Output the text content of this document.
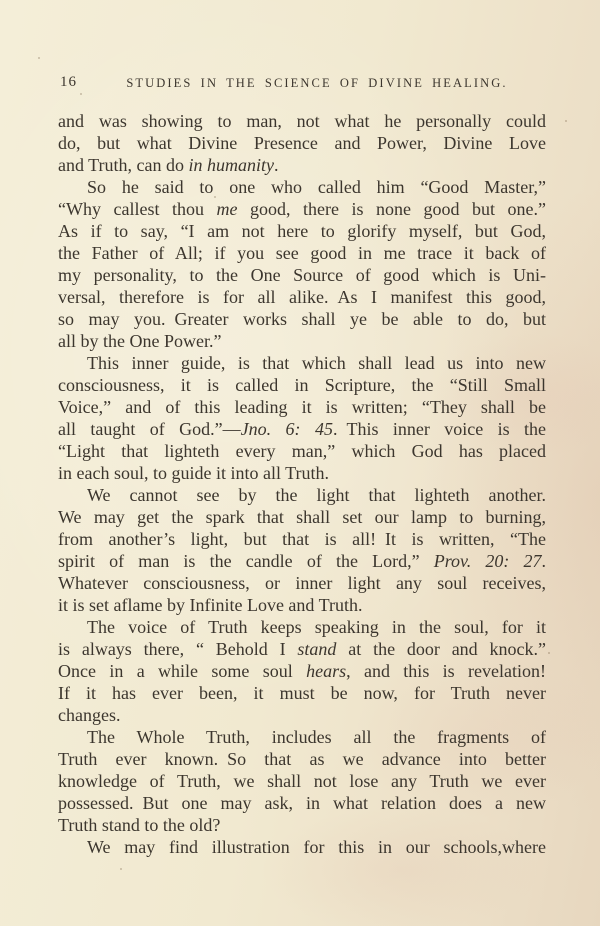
16	STUDIES IN THE SCIENCE OF DIVINE HEALING.
and was showing to man, not what he personally could
do, but what Divine Presence and Power, Divine Love
and Truth, can do in humanity.
So he said to one who called him “Good Master,”
“Why callest thou me good, there is none good but one.”
As if to say, “I am not here to glorify myself, but God,
the Father of All; if you see good in me trace it back of
my personality, to the One Source of good which is Uni-
versal, therefore is for all alike. As I manifest this good,
so may you. Greater works shall ye be able to do, but
all by the One Power.”
This inner guide, is that which shall lead us into new
consciousness, it is called in Scripture, the “Still Small
Voice,” and of this leading it is written; “They shall be
all taught of God.”—Jno. 6: 45. This inner voice is the
“Light that lighteth every man,” which God has placed
in each soul, to guide it into all Truth.
We cannot see by the light that lighteth another.
We may get the spark that shall set our lamp to burning,
from another’s light, but that is all! It is written, “The
spirit of man is the candle of the Lord,” Prov. 20: 27.
Whatever consciousness, or inner light any soul receives,
it is set aflame by Infinite Love and Truth.
The voice of Truth keeps speaking in the soul, for it
is always there, “ Behold I stand at the door and knock.”
Once in a while some soul hears, and this is revelation!
If it has ever been, it must be now, for Truth never
changes.
The Whole Truth, includes all the fragments of
Truth ever known. So that as we advance into better
knowledge of Truth, we shall not lose any Truth we ever
possessed. But one may ask, in what relation does a new
Truth stand to the old?
We may find illustration for this in our schools,where
